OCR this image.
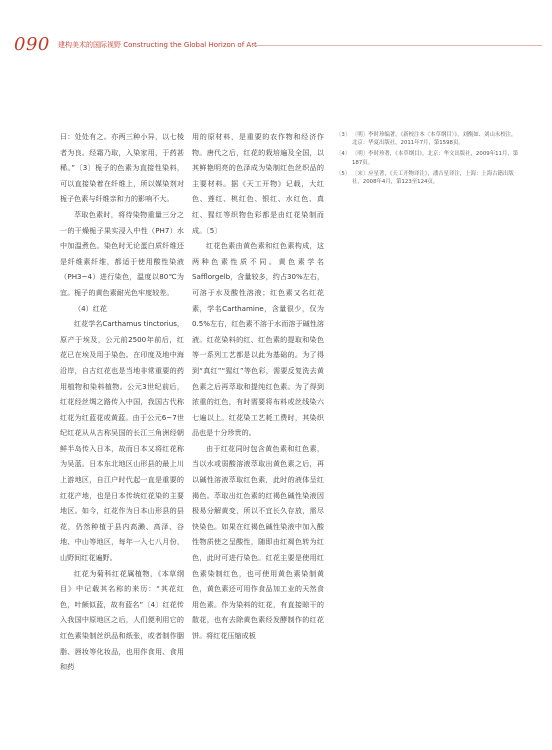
090 建构美术的国际视野 Constructing the Global Horizon of Art

曰：处处有之。亦两三种小异，以七棱者为良。经霜乃取，入染家用，于药甚稀。”〔3〕栀子的色素为直接性染料，可以直接染着在纤维上，所以媒染剂对栀子色素与纤维亲和力的影响不大。

萃取色素时，将待染物重量三分之一的干燥栀子果实浸入中性（PH7）水中加温煮色。染色时无论蛋白质纤维还是纤维素纤维，都适于使用酸性染液（PH3~4）进行染色，温度以80℃为宜。栀子的黄色素耐光色牢度较差。

（4）红花

红花学名Carthamus tinctorius，原产于埃及，公元前2500年前后，红花已在埃及用于染色。在印度及地中海沿岸，自古红花也是当地非常重要的药用植物和染料植物。公元3世纪前后，红花经丝绸之路传入中国，我国古代称红花为红蓝花或黄蓝。由于公元6~7世纪红花从从古称吴国的长江三角洲经朝鲜半岛传入日本，故而日本又将红花称为吴蓝。日本东北地区山形县的最上川上游地区，自江户时代起一直是重要的红花产地，也是日本传统红花染的主要地区。如今，红花作为日本山形县的县花，仍然种植于县内高濑、高泽、谷地、中山等地区，每年一入七八月份，山野间红花遍野。

红花为菊科红花属植物，《本草纲目》中记载其名称的来历：“其花红色，叶颇似蓝，故有蓝名”〔4〕红花传入我国中原地区之后，人们便利用它的红色素染制丝织品和纸张，或者制作胭脂、唇妆等化妆品，也用作食用、食用和药

用的原材料，是重要的农作物和经济作物。唐代之后，红花的栽培遍及全国，以其鲜艳明亮的色泽成为染制红色丝织品的主要材料。据《天工开物》记载，大红色、莲红、桃红色、银红、水红色、真红、猩红等织物色彩都是由红花染制而成。〔5〕

红花色素由黄色素和红色素构成，这两种色素性质不同。黄色素学名Safflorgelb，含量较多，约占30%左右，可溶于水及酸性溶液；红色素又名红花素，学名Carthamine，含量很少，仅为0.5%左右，红色素不溶于水而溶于碱性溶液。红花染料的红、红色素的提取和染色等一系列工艺都是以此为基础的。为了得到“真红”“猩红”等色彩，需要反复洗去黄色素之后再萃取和提纯红色素。为了得到浓重的红色，有时需要将布料或丝线染六七遍以上。红花染工艺耗工费时，其染织品也是十分珍贵的。

由于红花同时包含黄色素和红色素，当以水或弱酸溶液萃取出黄色素之后，再以碱性溶液萃取红色素，此时的液体呈红褐色。萃取出红色素的红褐色碱性染液因极易分解黄变，所以不宜长久存放，需尽快染色。如果在红褐色碱性染液中加入酸性物质使之呈酸性，随即由红褐色转为红色，此时可进行染色。红花主要是使用红色素染制红色，也可使用黄色素染制黄色，黄色素还可用作食品加工业的天然食用色素。作为染料的红花，有直接晾干的散花，也有去除黄色素经发酵制作的红花饼。将红花压缩成板

〔3〕 〔明〕李时珍编著，《新校注本〈本草纲目〉》，刘衡如、刘山永校注，北京：华夏出版社，2011年7月，第1598页。
〔4〕 〔明〕李时珍著，《本草纲目》，北京：华文出版社，2009年11月，第187页。
〔5〕 〔宋〕应星著，《天工开物译注》，潘吉星译注，上海：上海古籍出版社，2008年4月，第123至124页。
